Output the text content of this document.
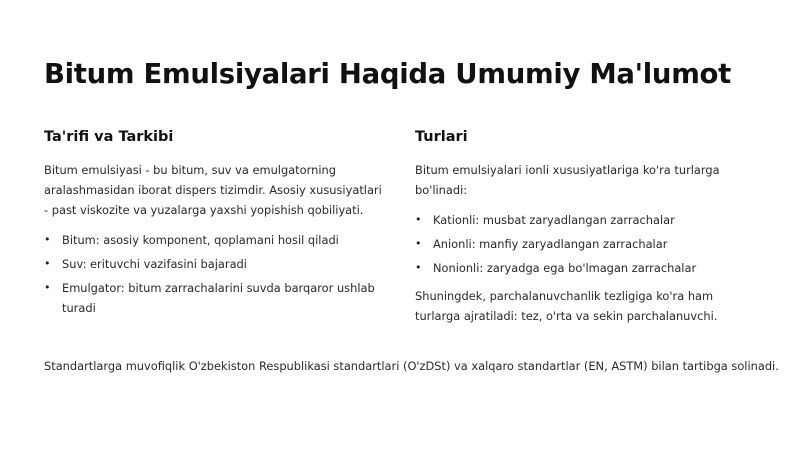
Bitum Emulsiyalari Haqida Umumiy Ma'lumot
Ta'rifi va Tarkibi

Bitum emulsiyasi - bu bitum, suv va emulgatorning aralashmasidan iborat dispers tizimdir. Asosiy xususiyatlari - past viskozite va yuzalarga yaxshi yopishish qobiliyati.

• Bitum: asosiy komponent, qoplamani hosil qiladi
• Suv: erituvchi vazifasini bajaradi
• Emulgator: bitum zarrachalarini suvda barqaror ushlab turadi
Turlari

Bitum emulsiyalari ionli xususiyatlariga ko'ra turlarga bo'linadi:

• Kationli: musbat zaryadlangan zarrachalar
• Anionli: manfiy zaryadlangan zarrachalar
• Nonionli: zaryadga ega bo'lmagan zarrachalar

Shuningdek, parchalanuvchanlik tezligiga ko'ra ham turlarga ajratiladi: tez, o'rta va sekin parchalanuvchi.

Standartlarga muvofiqlik O'zbekiston Respublikasi standartlari (O'zDSt) va xalqaro standartlar (EN, ASTM) bilan tartibga solinadi.
